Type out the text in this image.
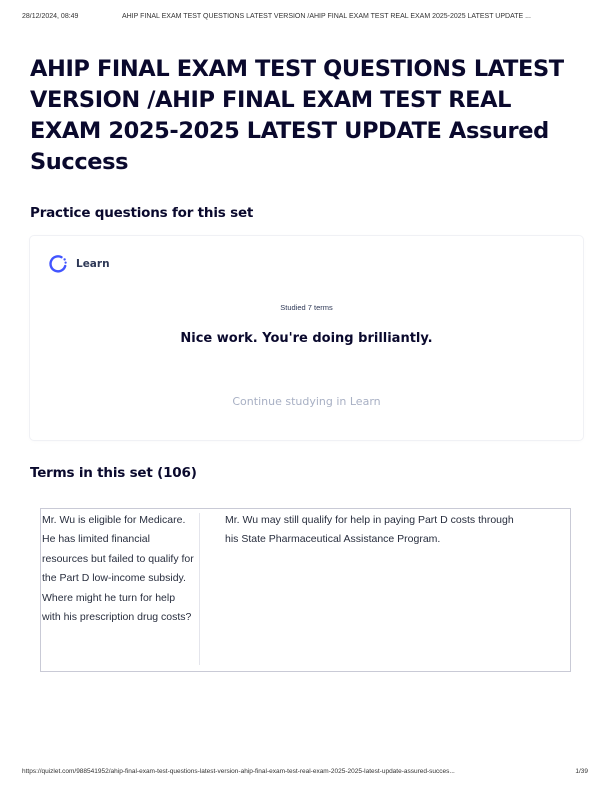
28/12/2024, 08:49	AHIP FINAL EXAM TEST QUESTIONS LATEST VERSION /AHIP FINAL EXAM TEST REAL EXAM 2025-2025 LATEST UPDATE ...
AHIP FINAL EXAM TEST QUESTIONS LATEST VERSION /AHIP FINAL EXAM TEST REAL EXAM 2025-2025 LATEST UPDATE Assured Success
Practice questions for this set
Learn
Studied 7 terms
Nice work. You're doing brilliantly.
Continue studying in Learn
Terms in this set (106)
Mr. Wu is eligible for Medicare. He has limited financial resources but failed to qualify for the Part D low-income subsidy. Where might he turn for help with his prescription drug costs?
Mr. Wu may still qualify for help in paying Part D costs through his State Pharmaceutical Assistance Program.
https://quizlet.com/988541952/ahip-final-exam-test-questions-latest-version-ahip-final-exam-test-real-exam-2025-2025-latest-update-assured-succes...	1/39
